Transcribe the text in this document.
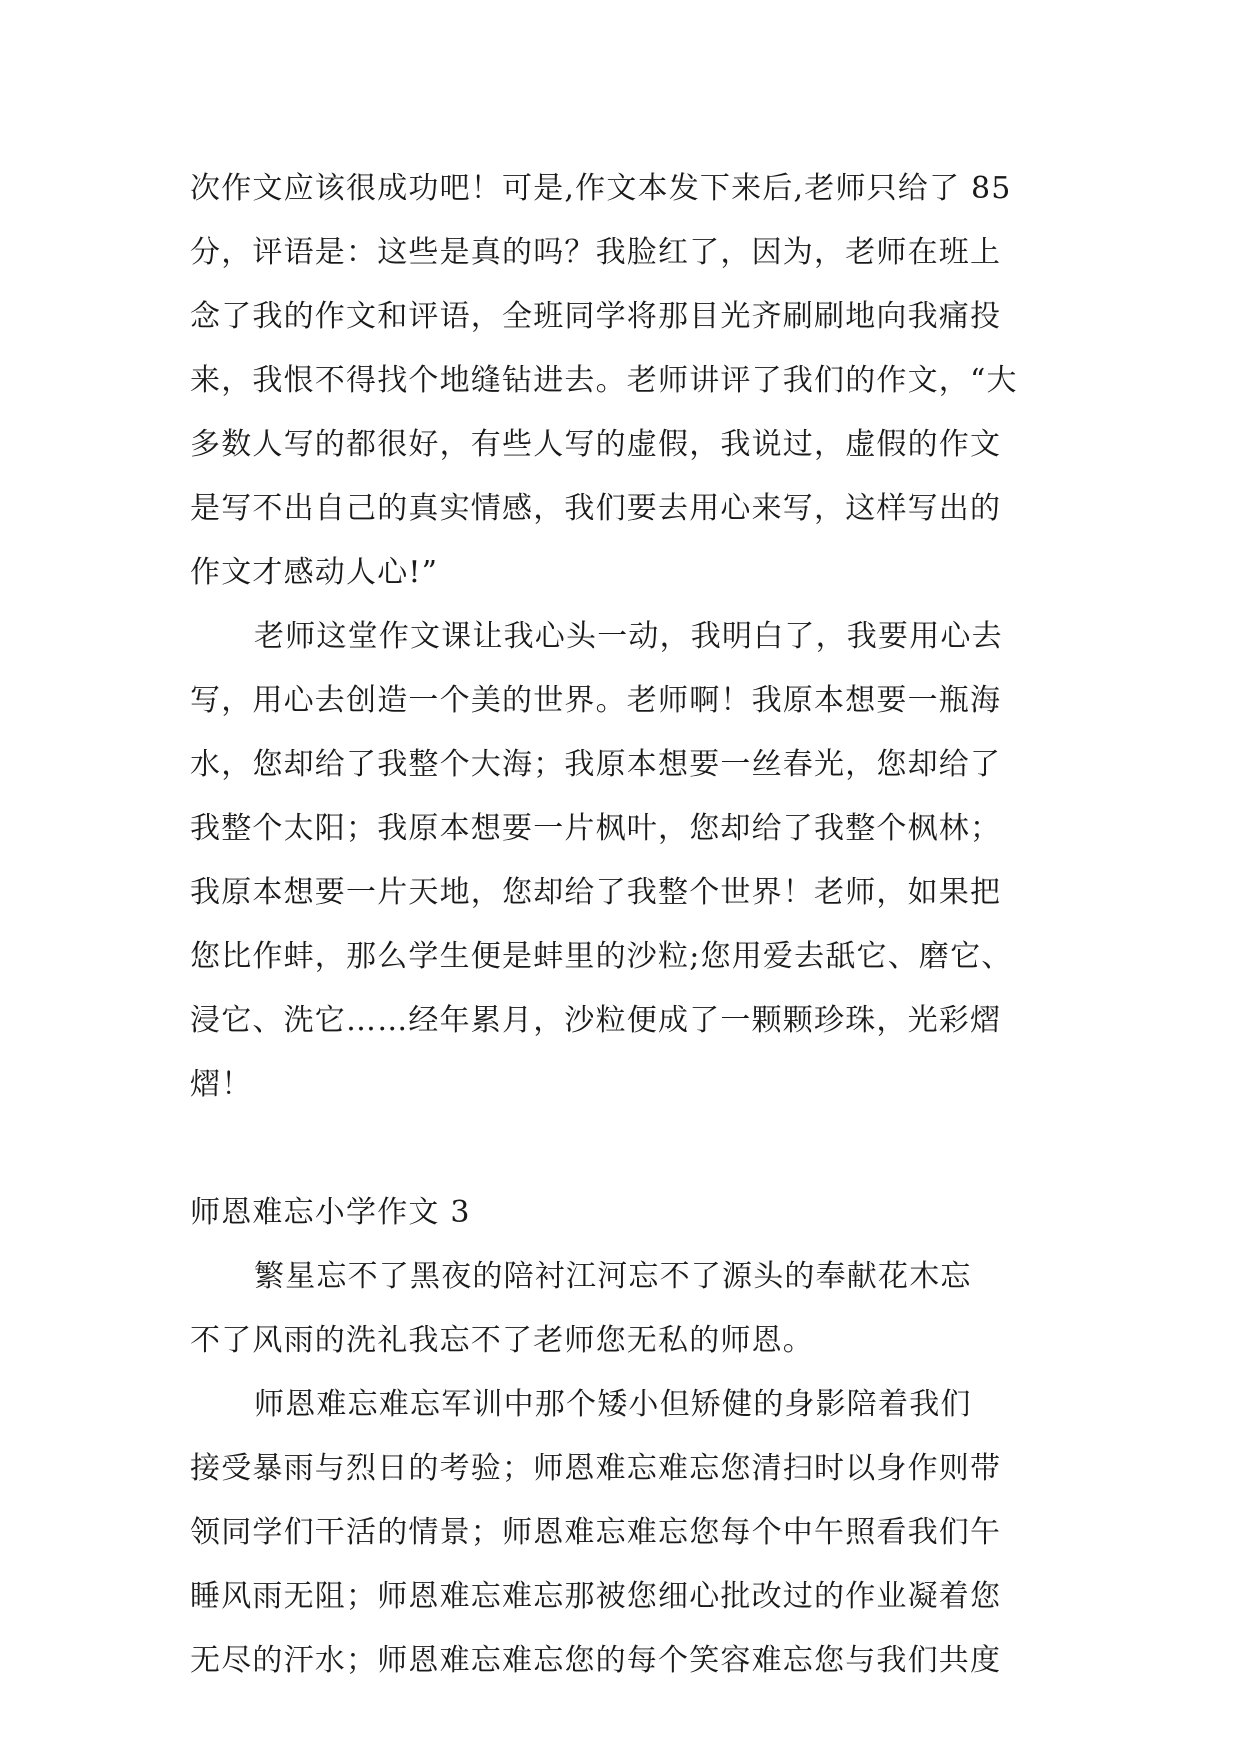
次作文应该很成功吧！可是,作文本发下来后,老师只给了 85
分，评语是：这些是真的吗？我脸红了，因为，老师在班上
念了我的作文和评语，全班同学将那目光齐刷刷地向我痛投
来，我恨不得找个地缝钻进去。老师讲评了我们的作文，“大
多数人写的都很好，有些人写的虚假，我说过，虚假的作文
是写不出自己的真实情感，我们要去用心来写，这样写出的
作文才感动人心!”
老师这堂作文课让我心头一动，我明白了，我要用心去
写，用心去创造一个美的世界。老师啊！我原本想要一瓶海
水，您却给了我整个大海；我原本想要一丝春光，您却给了
我整个太阳；我原本想要一片枫叶，您却给了我整个枫林；
我原本想要一片天地，您却给了我整个世界！老师，如果把
您比作蚌，那么学生便是蚌里的沙粒;您用爱去舐它、磨它、
浸它、洗它……经年累月，沙粒便成了一颗颗珍珠，光彩熠
熠！
师恩难忘小学作文 3
繁星忘不了黑夜的陪衬江河忘不了源头的奉献花木忘
不了风雨的洗礼我忘不了老师您无私的师恩。
师恩难忘难忘军训中那个矮小但矫健的身影陪着我们
接受暴雨与烈日的考验；师恩难忘难忘您清扫时以身作则带
领同学们干活的情景；师恩难忘难忘您每个中午照看我们午
睡风雨无阻；师恩难忘难忘那被您细心批改过的作业凝着您
无尽的汗水；师恩难忘难忘您的每个笑容难忘您与我们共度
